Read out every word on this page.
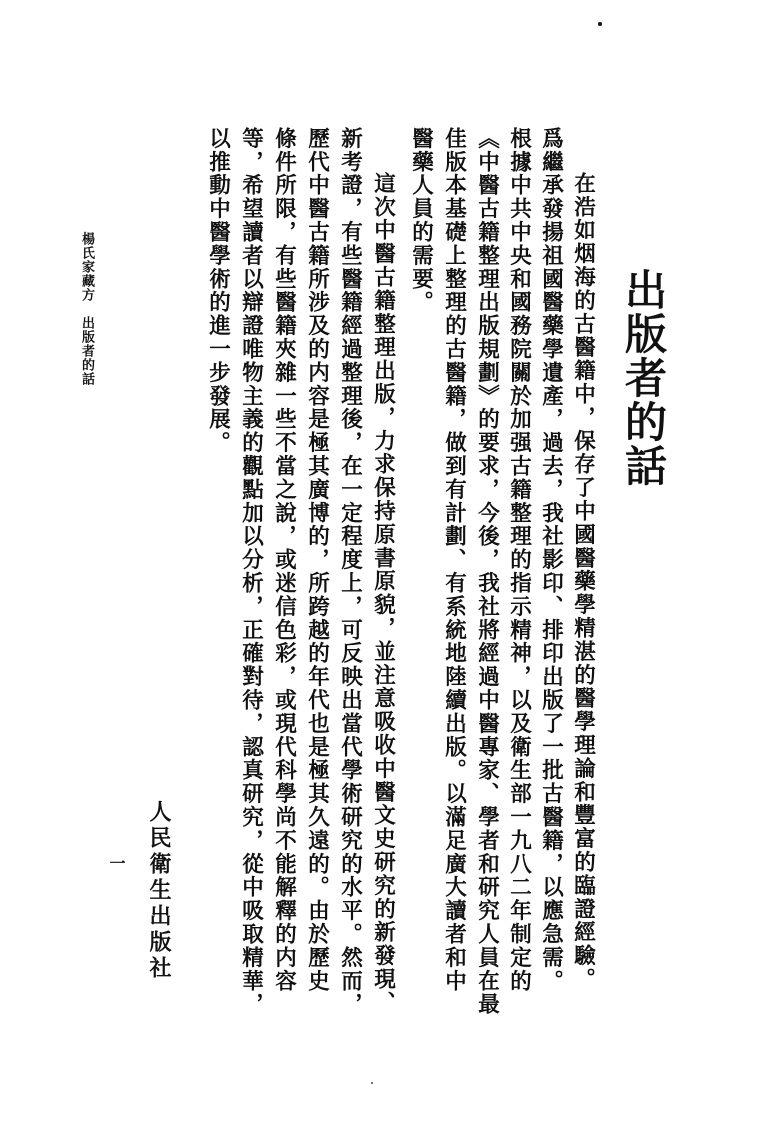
出版者的話
在浩如烟海的古醫籍中，保存了中國醫藥學精湛的醫學理論和豐富的臨證經驗。
爲繼承發揚祖國醫藥學遺產，過去，我社影印、排印出版了一批古醫籍，以應急需。
根據中共中央和國務院關於加强古籍整理的指示精神，以及衛生部一九八二年制定的
《中醫古籍整理出版規劃》的要求，今後，我社將經過中醫專家、學者和研究人員在最
佳版本基礎上整理的古醫籍，做到有計劃、有系統地陸續出版。以滿足廣大讀者和中
醫藥人員的需要。
這次中醫古籍整理出版，力求保持原書原貌，並注意吸收中醫文史研究的新發現、
新考證，有些醫籍經過整理後，在一定程度上，可反映出當代學術研究的水平。然而，
歷代中醫古籍所涉及的内容是極其廣博的，所跨越的年代也是極其久遠的。由於歷史
條件所限，有些醫籍夾雜一些不當之說，或迷信色彩，或現代科學尚不能解釋的内容
等，希望讀者以辯證唯物主義的觀點加以分析，正確對待，認真研究，從中吸取精華，
以推動中醫學術的進一步發展。
人民衛生出版社
一
楊氏家藏方　出版者的話
